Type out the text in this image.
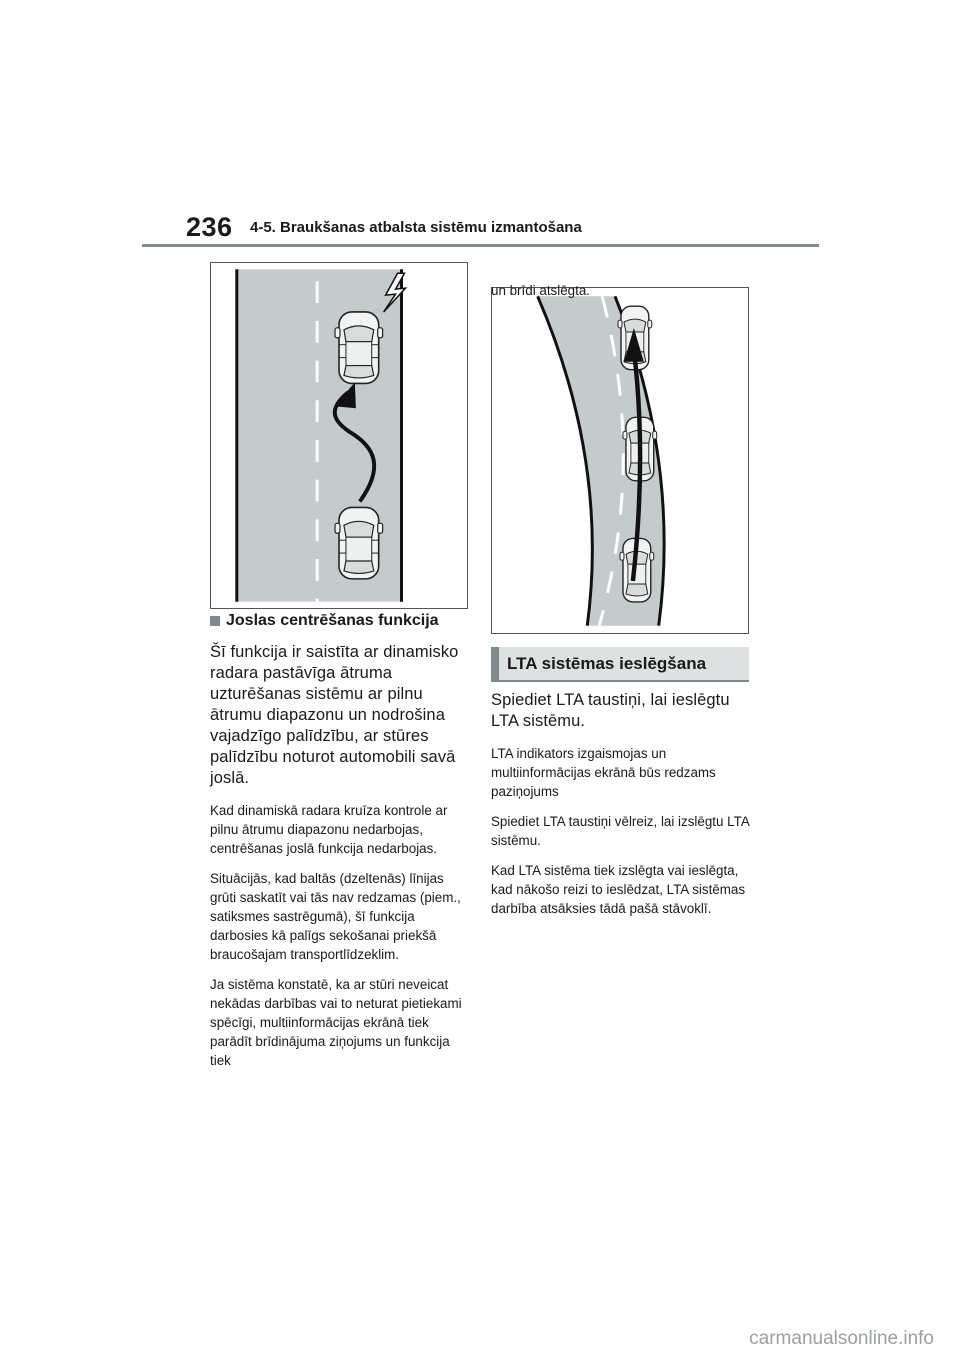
236 4-5. Braukšanas atbalsta sistēmu izmantošana
Joslas centrēšanas funkcija

Šī funkcija ir saistīta ar dinamisko radara pastāvīga ātruma uzturēšanas sistēmu ar pilnu ātrumu diapazonu un nodrošina vajadzīgo palīdzību, ar stūres palīdzību noturot automobili savā joslā.

Kad dinamiskā radara kruīza kontrole ar pilnu ātrumu diapazonu nedarbojas, centrēšanas joslā funkcija nedarbojas.

Situācijās, kad baltās (dzeltenās) līnijas grūti saskatīt vai tās nav redzamas (piem., satiksmes sastrēgumā), šī funkcija darbosies kā palīgs sekošanai priekšā braucošajam transportlīdzeklim.

Ja sistēma konstatē, ka ar stūri neveicat nekādas darbības vai to neturat pietiekami spēcīgi, multiinformācijas ekrānā tiek parādīt brīdinājuma ziņojums un funkcija tiek

un brīdi atslēgta.
LTA sistēmas ieslēgšana

Spiediet LTA taustiņi, lai ieslēgtu LTA sistēmu.

LTA indikators izgaismojas un multiinformācijas ekrānā būs redzams paziņojums

Spiediet LTA taustiņi vēlreiz, lai izslēgtu LTA sistēmu.

Kad LTA sistēma tiek izslēgta vai ieslēgta, kad nākošo reizi to ieslēdzat, LTA sistēmas darbība atsāksies tādā pašā stāvoklī.

carmanualsonline.info
